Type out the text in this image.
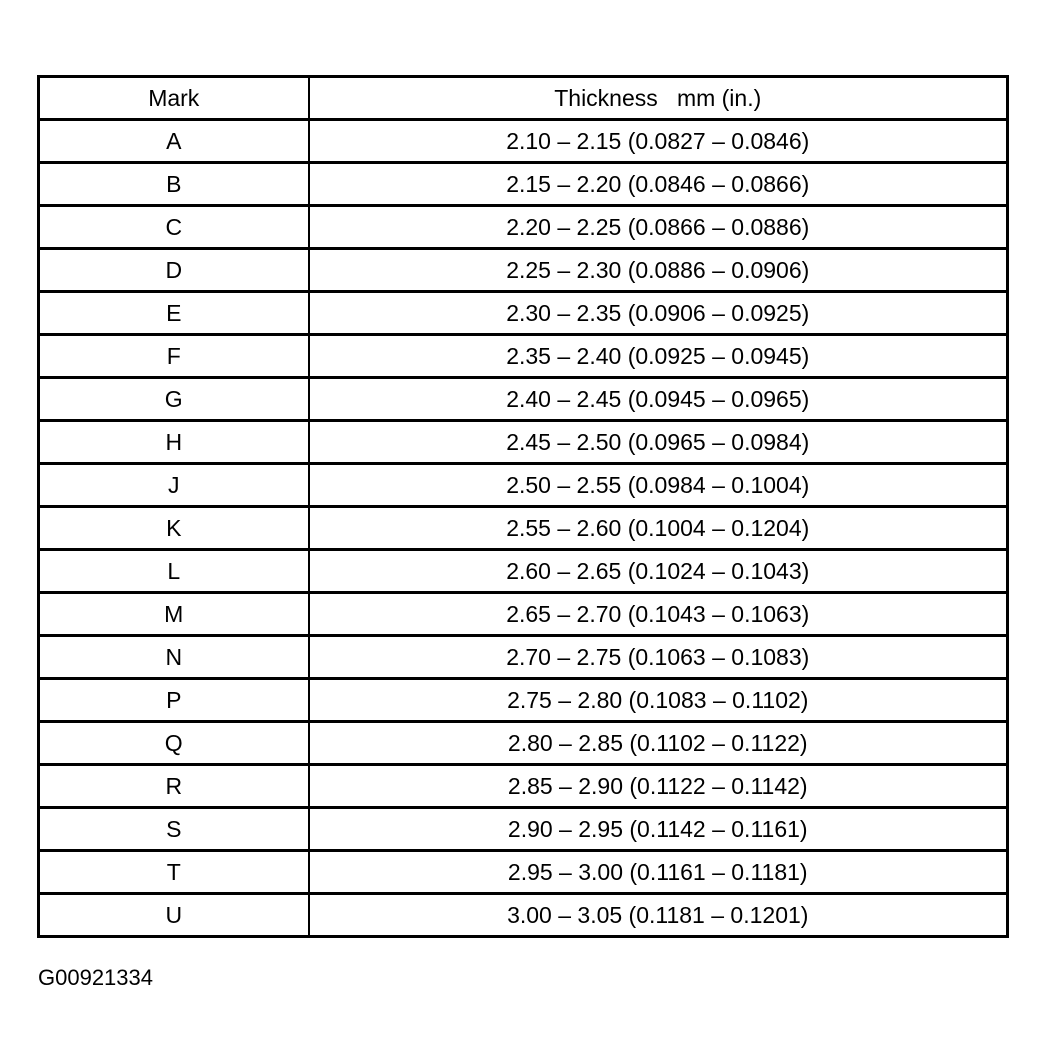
Mark	Thickness   mm (in.)
A	2.10 – 2.15 (0.0827 – 0.0846)
B	2.15 – 2.20 (0.0846 – 0.0866)
C	2.20 – 2.25 (0.0866 – 0.0886)
D	2.25 – 2.30 (0.0886 – 0.0906)
E	2.30 – 2.35 (0.0906 – 0.0925)
F	2.35 – 2.40 (0.0925 – 0.0945)
G	2.40 – 2.45 (0.0945 – 0.0965)
H	2.45 – 2.50 (0.0965 – 0.0984)
J	2.50 – 2.55 (0.0984 – 0.1004)
K	2.55 – 2.60 (0.1004 – 0.1204)
L	2.60 – 2.65 (0.1024 – 0.1043)
M	2.65 – 2.70 (0.1043 – 0.1063)
N	2.70 – 2.75 (0.1063 – 0.1083)
P	2.75 – 2.80 (0.1083 – 0.1102)
Q	2.80 – 2.85 (0.1102 – 0.1122)
R	2.85 – 2.90 (0.1122 – 0.1142)
S	2.90 – 2.95 (0.1142 – 0.1161)
T	2.95 – 3.00 (0.1161 – 0.1181)
U	3.00 – 3.05 (0.1181 – 0.1201)
G00921334
